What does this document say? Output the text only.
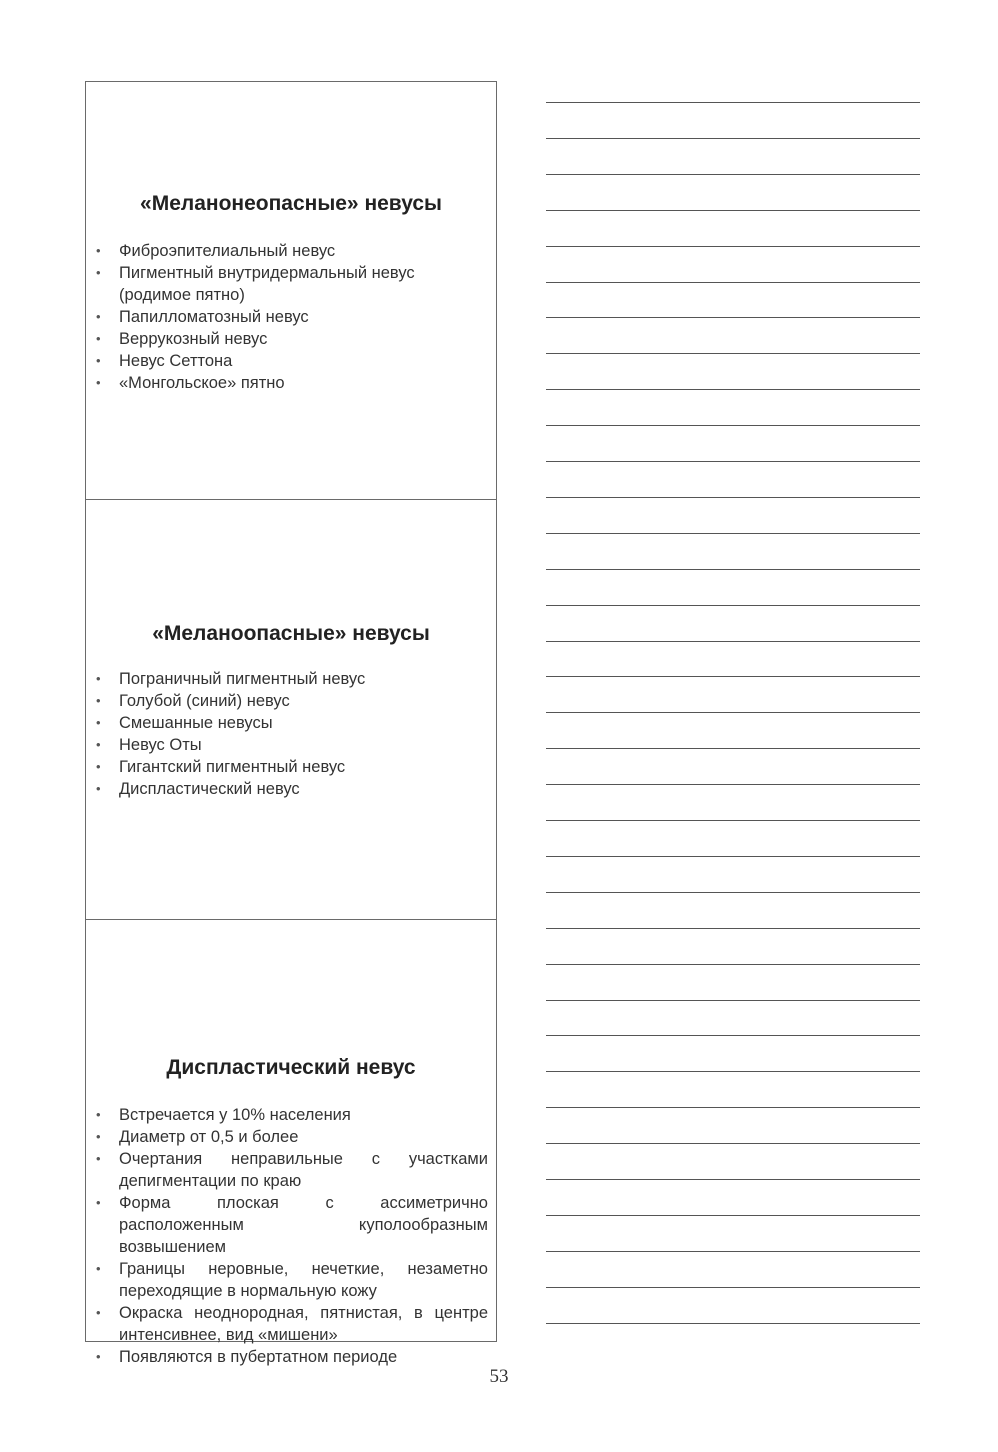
«Меланонеопасные» невусы
• Фиброэпителиальный невус
• Пигментный внутридермальный невус (родимое пятно)
• Папилломатозный невус
• Веррукозный невус
• Невус Сеттона
• «Монгольское» пятно
«Меланоопасные» невусы
• Пограничный пигментный невус
• Голубой (синий) невус
• Смешанные невусы
• Невус Оты
• Гигантский пигментный невус
• Диспластический невус
Диспластический невус
• Встречается у 10% населения
• Диаметр от 0,5 и более
• Очертания неправильные с участками депигментации по краю
• Форма плоская с ассиметрично расположенным куполообразным возвышением
• Границы неровные, нечеткие, незаметно переходящие в нормальную кожу
• Окраска неоднородная, пятнистая, в центре интенсивнее, вид «мишени»
• Появляются в пубертатном периоде
53
